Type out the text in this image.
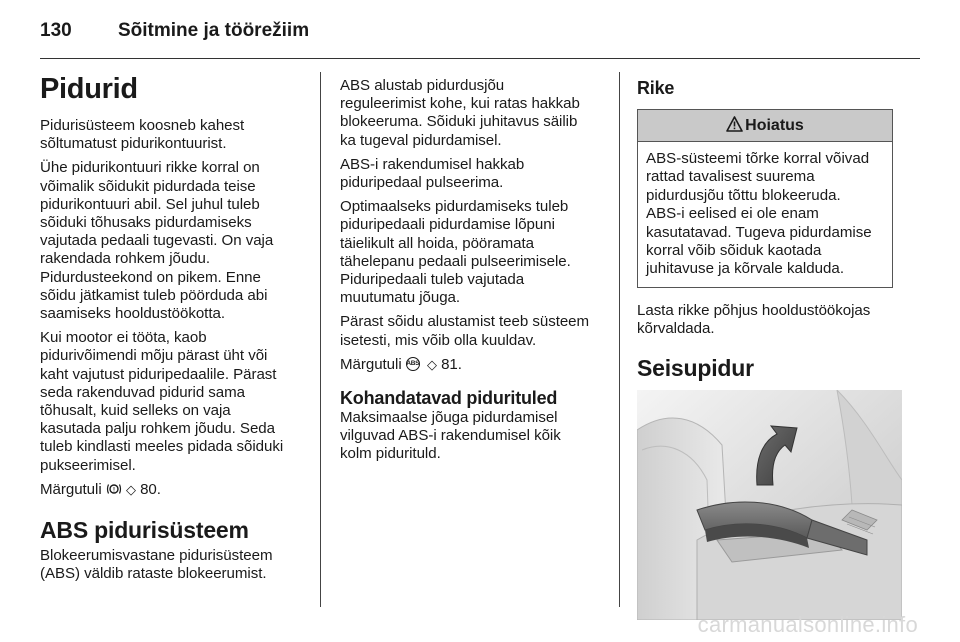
130 Sõitmine ja töörežiim
Pidurid
Pidurisüsteem koosneb kahest
sõltumatust pidurikontuurist.
Ühe pidurikontuuri rikke korral on
võimalik sõidukit pidurdada teise
pidurikontuuri abil. Sel juhul tuleb
sõiduki tõhusaks pidurdamiseks
vajutada pedaali tugevasti. On vaja
rakendada rohkem jõudu.
Pidurdusteekond on pikem. Enne
sõidu jätkamist tuleb pöörduda abi
saamiseks hooldustöökotta.
Kui mootor ei tööta, kaob
pidurivõimendi mõju pärast üht või
kaht vajutust piduripedaalile. Pärast
seda rakenduvad pidurid sama
tõhusalt, kuid selleks on vaja
kasutada palju rohkem jõudu. Seda
tuleb kindlasti meeles pidada sõiduki
pukseerimisel.
Märgutuli ! ◇ 80.
ABS pidurisüsteem
Blokeerumisvastane pidurisüsteem
(ABS) väldib rataste blokeerumist.
ABS alustab pidurdusjõu
reguleerimist kohe, kui ratas hakkab
blokeeruma. Sõiduki juhitavus säilib
ka tugeval pidurdamisel.
ABS-i rakendumisel hakkab
piduripedaal pulseerima.
Optimaalseks pidurdamiseks tuleb
piduripedaali pidurdamise lõpuni
täielikult all hoida, pööramata
tähelepanu pedaali pulseerimisele.
Piduripedaali tuleb vajutada
muutumatu jõuga.
Pärast sõidu alustamist teeb süsteem
isetesti, mis võib olla kuuldav.
Märgutuli ABS ◇ 81.
Kohandatavad pidurituled
Maksimaalse jõuga pidurdamisel
vilguvad ABS-i rakendumisel kõik
kolm pidurituld.
Rike
Hoiatus
ABS-süsteemi tõrke korral võivad
rattad tavalisest suurema
pidurdusjõu tõttu blokeeruda.
ABS-i eelised ei ole enam
kasutatavad. Tugeva pidurdamise
korral võib sõiduk kaotada
juhitavuse ja kõrvale kalduda.
Lasta rikke põhjus hooldustöökojas
kõrvaldada.
Seisupidur
carmanualsonline.info
